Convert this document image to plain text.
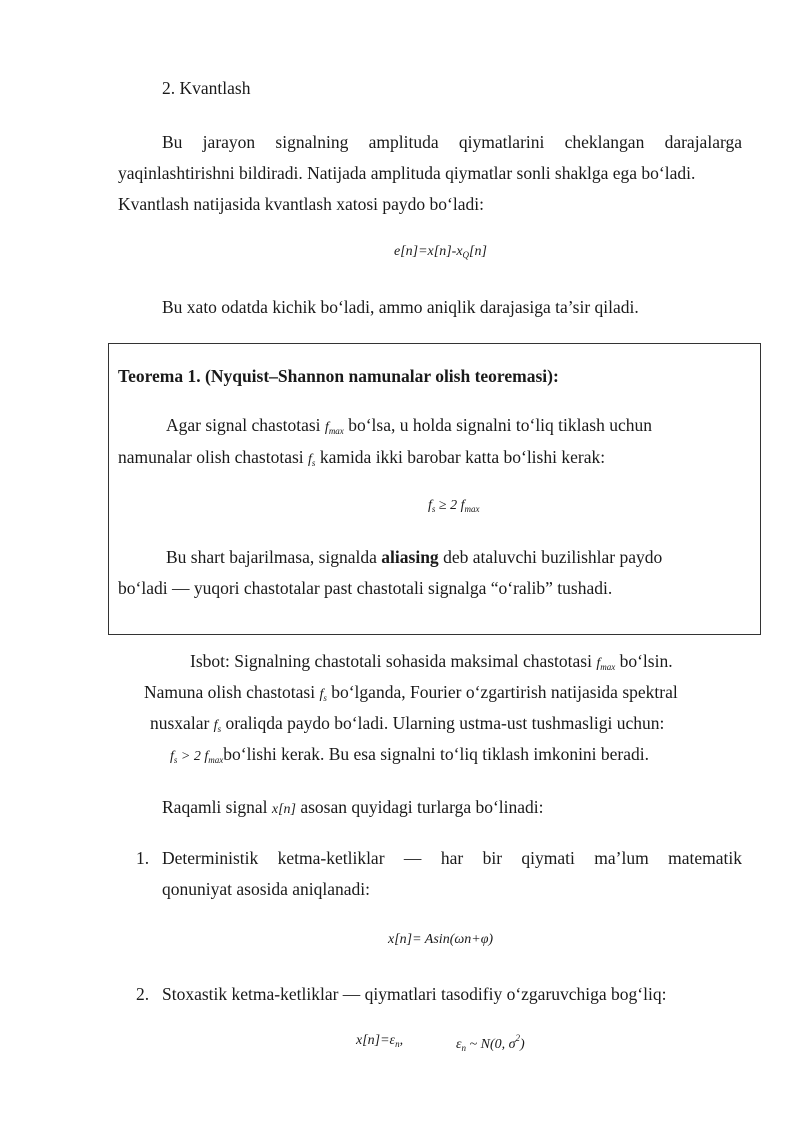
2. Kvantlash
Bu jarayon signalning amplituda qiymatlarini cheklangan darajalarga
yaqinlashtirishni bildiradi. Natijada amplituda qiymatlar sonli shaklga ega bo‘ladi.
Kvantlash natijasida kvantlash xatosi paydo bo‘ladi:
$e[n]=x[n]-x_Q[n]$
Bu xato odatda kichik bo‘ladi, ammo aniqlik darajasiga ta’sir qiladi.
Teorema 1. (Nyquist–Shannon namunalar olish teoremasi):
Agar signal chastotasi $f_{max}$ bo‘lsa, u holda signalni to‘liq tiklash uchun
namunalar olish chastotasi $f_s$ kamida ikki barobar katta bo‘lishi kerak:
$f_s \ge 2$ $f_{max}$
Bu shart bajarilmasa, signalda aliasing deb ataluvchi buzilishlar paydo
bo‘ladi — yuqori chastotalar past chastotali signalga “o‘ralib” tushadi.
Isbot: Signalning chastotali sohasida maksimal chastotasi $f_{max}$ bo‘lsin.
Namuna olish chastotasi $f_s$ bo‘lganda, Fourier o‘zgartirish natijasida spektral
nusxalar $f_s$ oraliqda paydo bo‘ladi. Ularning ustma-ust tushmasligi uchun:
$f_s > 2$ $f_{max}bo‘lishi$ kerak. Bu esa signalni to‘liq tiklash imkonini beradi.
Raqamli signal x[n] asosan quyidagi turlarga bo‘linadi:
1. Deterministik ketma-ketliklar — har bir qiymati ma’lum matematik
qonuniyat asosida aniqlanadi:
x[n]= Asin(ωn+φ)
2. Stoxastik ketma-ketliklar — qiymatlari tasodifiy o‘zgaruvchiga bog‘liq:
$x[n]=\varepsilon_n$,	$\varepsilon_n$ ~ N(0, $\sigma^2$)
